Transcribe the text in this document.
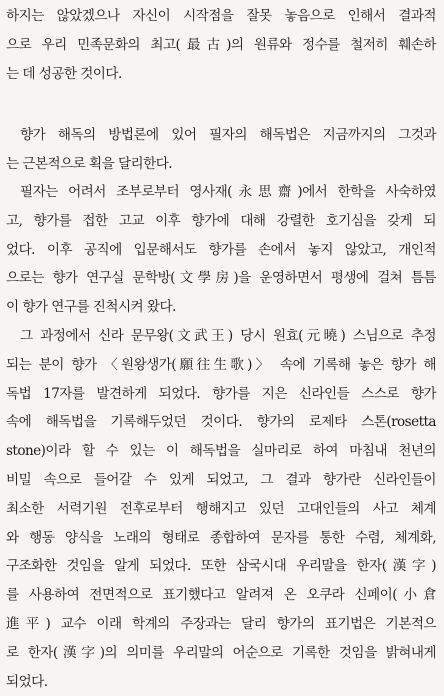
하지는 않았겠으나 자신이 시작점을 잘못 놓음으로 인해서 결과적
으로 우리 민족문화의 최고(最古)의 원류와 정수를 철저히 훼손하
는 데 성공한 것이다.

향가 해독의 방법론에 있어 필자의 해독법은 지금까지의 그것과
는 근본적으로 획을 달리한다.

필자는 어려서 조부로부터 영사재(永思齋)에서 한학을 사숙하였
고, 향가를 접한 고교 이후 향가에 대해 강렬한 호기심을 갖게 되
었다. 이후 공직에 입문해서도 향가를 손에서 놓지 않았고, 개인적
으로는 향가 연구실 문학방(文學房)을 운영하면서 평생에 걸쳐 틈틈
이 향가 연구를 진척시켜 왔다.

그 과정에서 신라 문무왕(文武王) 당시 원효(元曉) 스님으로 추정
되는 분이 향가 〈원왕생가(願往生歌)〉 속에 기록해 놓은 향가 해
독법 17자를 발견하게 되었다. 향가를 지은 신라인들 스스로 향가
속에 해독법을 기록해두었던 것이다. 향가의 로제타 스톤(rosetta
stone)이라 할 수 있는 이 해독법을 실마리로 하여 마침내 천년의
비밀 속으로 들어갈 수 있게 되었고, 그 결과 향가란 신라인들이
최소한 서력기원 전후로부터 행해지고 있던 고대인들의 사고 체계
와 행동 양식을 노래의 형태로 종합하여 문자를 통한 수렴, 체계화,
구조화한 것임을 알게 되었다. 또한 삼국시대 우리말을 한자(漢字)
를 사용하여 전면적으로 표기했다고 알려져 온 오쿠라 신페이(小倉
進平) 교수 이래 학계의 주장과는 달리 향가의 표기법은 기본적으
로 한자(漢字)의 의미를 우리말의 어순으로 기록한 것임을 밝혀내게
되었다.
